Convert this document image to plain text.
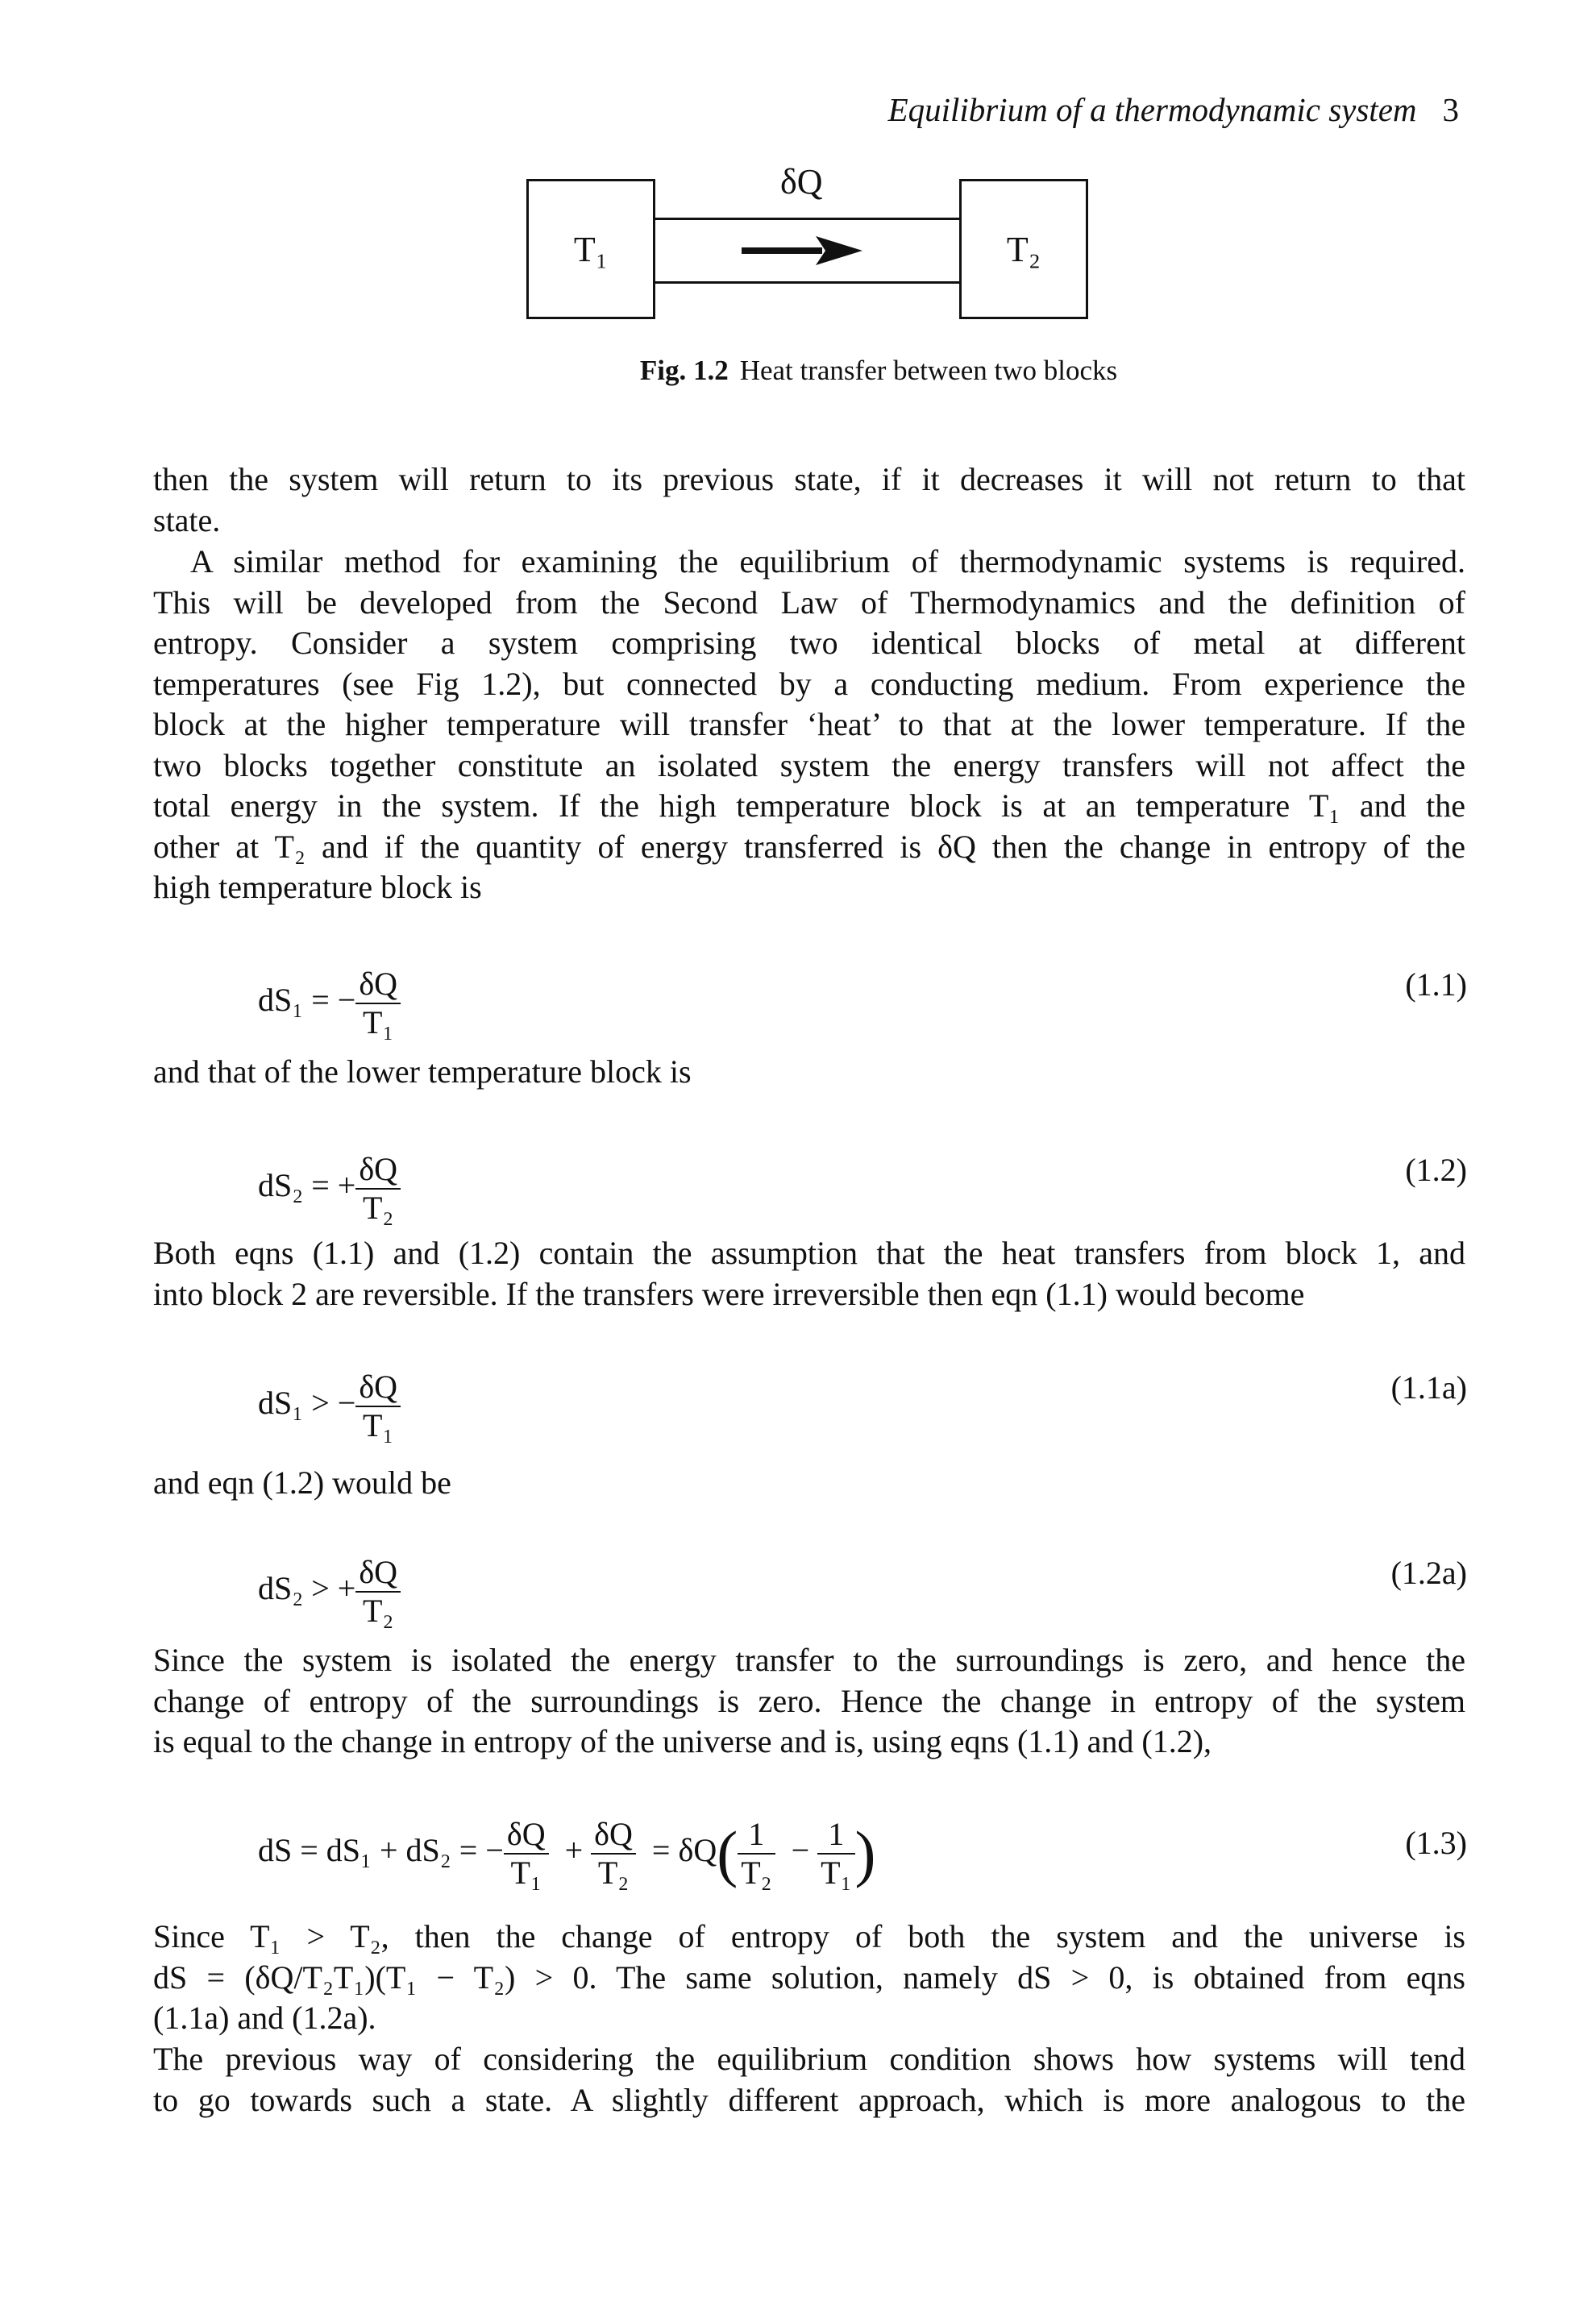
Equilibrium of a thermodynamic system 3
T₁	T₂
δQ
Fig. 1.2 Heat transfer between two blocks
then the system will return to its previous state, if it decreases it will not return to that
state.
A similar method for examining the equilibrium of thermodynamic systems is required.
This will be developed from the Second Law of Thermodynamics and the definition of
entropy. Consider a system comprising two identical blocks of metal at different
temperatures (see Fig 1.2), but connected by a conducting medium. From experience the
block at the higher temperature will transfer ‘heat’ to that at the lower temperature. If the
two blocks together constitute an isolated system the energy transfers will not affect the
total energy in the system. If the high temperature block is at an temperature T₁ and the
other at T₂ and if the quantity of energy transferred is δQ then the change in entropy of the
high temperature block is
dS₁ = − $\frac{\delta Q}{\text{T₁}}$	(1.1)
and that of the lower temperature block is
dS₂ = + $\frac{\delta Q}{\text{T₂}}$	(1.2)
Both eqns (1.1) and (1.2) contain the assumption that the heat transfers from block 1, and
into block 2 are reversible. If the transfers were irreversible then eqn (1.1) would become
dS₁ > − $\frac{\delta Q}{\text{T₁}}$	(1.1a)
and eqn (1.2) would be
dS₂ > + $\frac{\delta Q}{\text{T₂}}$	(1.2a)
Since the system is isolated the energy transfer to the surroundings is zero, and hence the
change of entropy of the surroundings is zero. Hence the change in entropy of the system
is equal to the change in entropy of the universe and is, using eqns (1.1) and (1.2),
dS = dS₁ + dS₂ = − $\frac{\delta Q}{\text{T₁}} + \frac{\delta Q}{\text{T₂}} = \delta Q( \frac{1}{\text{T₂}} - \frac{1}{\text{T₁}}$ )	(1.3)
Since T₁ > T₂, then the change of entropy of both the system and the universe is
dS = (δQ/T₂T₁)(T₁ − T₂) > 0. The same solution, namely dS > 0, is obtained from eqns
(1.1a) and (1.2a).
The previous way of considering the equilibrium condition shows how systems will tend
to go towards such a state. A slightly different approach, which is more analogous to the
